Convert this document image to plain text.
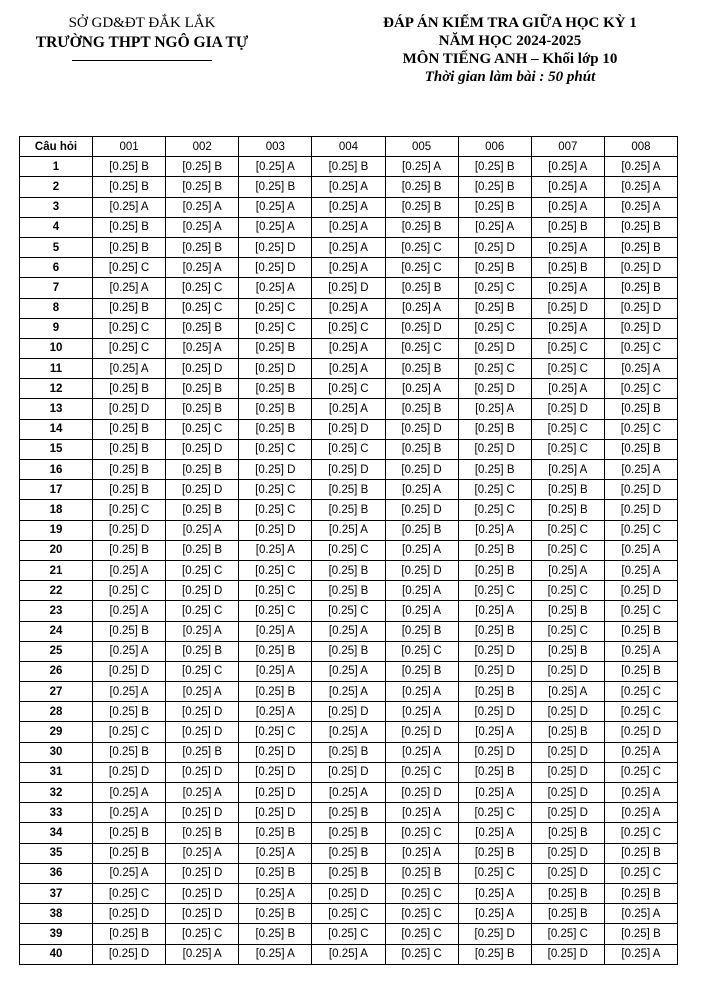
SỞ GD&ĐT ĐẮK LẮK
TRƯỜNG THPT NGÔ GIA TỰ
ĐÁP ÁN KIỂM TRA GIỮA HỌC KỲ 1
NĂM HỌC 2024-2025
MÔN TIẾNG ANH – Khối lớp 10
Thời gian làm bài : 50 phút
Câu hỏi	001	002	003	004	005	006	007	008
1	[0.25] B	[0.25] B	[0.25] A	[0.25] B	[0.25] A	[0.25] B	[0.25] A	[0.25] A
2	[0.25] B	[0.25] B	[0.25] B	[0.25] A	[0.25] B	[0.25] B	[0.25] A	[0.25] A
3	[0.25] A	[0.25] A	[0.25] A	[0.25] A	[0.25] B	[0.25] B	[0.25] A	[0.25] A
4	[0.25] B	[0.25] A	[0.25] A	[0.25] A	[0.25] B	[0.25] A	[0.25] B	[0.25] B
5	[0.25] B	[0.25] B	[0.25] D	[0.25] A	[0.25] C	[0.25] D	[0.25] A	[0.25] B
6	[0.25] C	[0.25] A	[0.25] D	[0.25] A	[0.25] C	[0.25] B	[0.25] B	[0.25] D
7	[0.25] A	[0.25] C	[0.25] A	[0.25] D	[0.25] B	[0.25] C	[0.25] A	[0.25] B
8	[0.25] B	[0.25] C	[0.25] C	[0.25] A	[0.25] A	[0.25] B	[0.25] D	[0.25] D
9	[0.25] C	[0.25] B	[0.25] C	[0.25] C	[0.25] D	[0.25] C	[0.25] A	[0.25] D
10	[0.25] C	[0.25] A	[0.25] B	[0.25] A	[0.25] C	[0.25] D	[0.25] C	[0.25] C
11	[0.25] A	[0.25] D	[0.25] D	[0.25] A	[0.25] B	[0.25] C	[0.25] C	[0.25] A
12	[0.25] B	[0.25] B	[0.25] B	[0.25] C	[0.25] A	[0.25] D	[0.25] A	[0.25] C
13	[0.25] D	[0.25] B	[0.25] B	[0.25] A	[0.25] B	[0.25] A	[0.25] D	[0.25] B
14	[0.25] B	[0.25] C	[0.25] B	[0.25] D	[0.25] D	[0.25] B	[0.25] C	[0.25] C
15	[0.25] B	[0.25] D	[0.25] C	[0.25] C	[0.25] B	[0.25] D	[0.25] C	[0.25] B
16	[0.25] B	[0.25] B	[0.25] D	[0.25] D	[0.25] D	[0.25] B	[0.25] A	[0.25] A
17	[0.25] B	[0.25] D	[0.25] C	[0.25] B	[0.25] A	[0.25] C	[0.25] B	[0.25] D
18	[0.25] C	[0.25] B	[0.25] C	[0.25] B	[0.25] D	[0.25] C	[0.25] B	[0.25] D
19	[0.25] D	[0.25] A	[0.25] D	[0.25] A	[0.25] B	[0.25] A	[0.25] C	[0.25] C
20	[0.25] B	[0.25] B	[0.25] A	[0.25] C	[0.25] A	[0.25] B	[0.25] C	[0.25] A
21	[0.25] A	[0.25] C	[0.25] C	[0.25] B	[0.25] D	[0.25] B	[0.25] A	[0.25] A
22	[0.25] C	[0.25] D	[0.25] C	[0.25] B	[0.25] A	[0.25] C	[0.25] C	[0.25] D
23	[0.25] A	[0.25] C	[0.25] C	[0.25] C	[0.25] A	[0.25] A	[0.25] B	[0.25] C
24	[0.25] B	[0.25] A	[0.25] A	[0.25] A	[0.25] B	[0.25] B	[0.25] C	[0.25] B
25	[0.25] A	[0.25] B	[0.25] B	[0.25] B	[0.25] C	[0.25] D	[0.25] B	[0.25] A
26	[0.25] D	[0.25] C	[0.25] A	[0.25] A	[0.25] B	[0.25] D	[0.25] D	[0.25] B
27	[0.25] A	[0.25] A	[0.25] B	[0.25] A	[0.25] A	[0.25] B	[0.25] A	[0.25] C
28	[0.25] B	[0.25] D	[0.25] A	[0.25] D	[0.25] A	[0.25] D	[0.25] D	[0.25] C
29	[0.25] C	[0.25] D	[0.25] C	[0.25] A	[0.25] D	[0.25] A	[0.25] B	[0.25] D
30	[0.25] B	[0.25] B	[0.25] D	[0.25] B	[0.25] A	[0.25] D	[0.25] D	[0.25] A
31	[0.25] D	[0.25] D	[0.25] D	[0.25] D	[0.25] C	[0.25] B	[0.25] D	[0.25] C
32	[0.25] A	[0.25] A	[0.25] D	[0.25] A	[0.25] D	[0.25] A	[0.25] D	[0.25] A
33	[0.25] A	[0.25] D	[0.25] D	[0.25] B	[0.25] A	[0.25] C	[0.25] D	[0.25] A
34	[0.25] B	[0.25] B	[0.25] B	[0.25] B	[0.25] C	[0.25] A	[0.25] B	[0.25] C
35	[0.25] B	[0.25] A	[0.25] A	[0.25] B	[0.25] A	[0.25] B	[0.25] D	[0.25] B
36	[0.25] A	[0.25] D	[0.25] B	[0.25] B	[0.25] B	[0.25] C	[0.25] D	[0.25] C
37	[0.25] C	[0.25] D	[0.25] A	[0.25] D	[0.25] C	[0.25] A	[0.25] B	[0.25] B
38	[0.25] D	[0.25] D	[0.25] B	[0.25] C	[0.25] C	[0.25] A	[0.25] B	[0.25] A
39	[0.25] B	[0.25] C	[0.25] B	[0.25] C	[0.25] C	[0.25] D	[0.25] C	[0.25] B
40	[0.25] D	[0.25] A	[0.25] A	[0.25] A	[0.25] C	[0.25] B	[0.25] D	[0.25] A
